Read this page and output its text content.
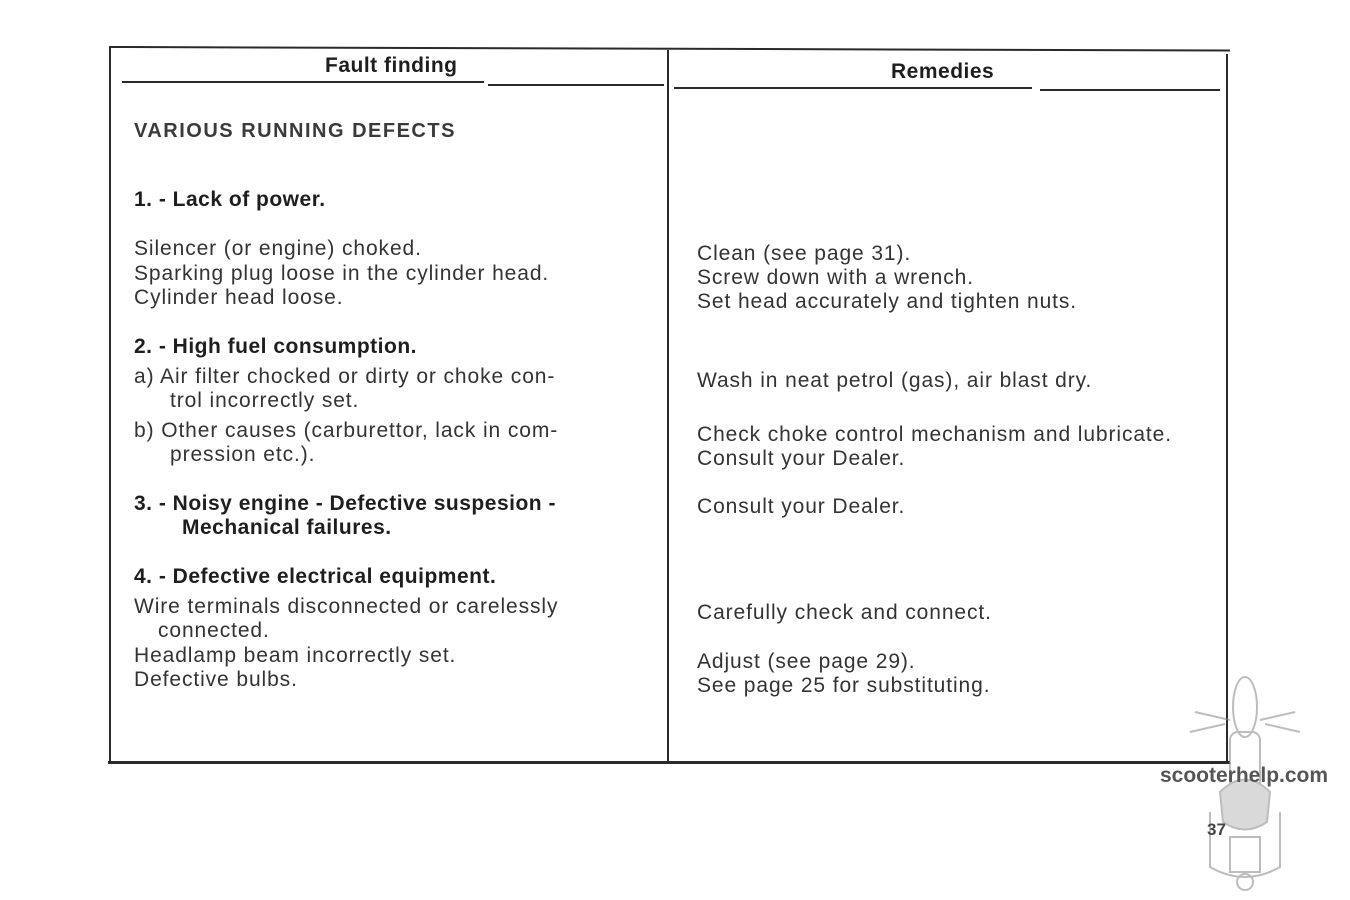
Fault finding	Remedies
VARIOUS RUNNING DEFECTS
1. - Lack of power.
Silencer (or engine) choked.
Sparking plug loose in the cylinder head.
Cylinder head loose.
2. - High fuel consumption.
a) Air filter chocked or dirty or choke con-
trol incorrectly set.
b) Other causes (carburettor, lack in com-
pression etc.).
3. - Noisy engine - Defective suspesion -
Mechanical failures.
4. - Defective electrical equipment.
Wire terminals disconnected or carelessly
connected.
Headlamp beam incorrectly set.
Defective bulbs.
Clean (see page 31).
Screw down with a wrench.
Set head accurately and tighten nuts.
Wash in neat petrol (gas), air blast dry.
Check choke control mechanism and lubricate.
Consult your Dealer.
Consult your Dealer.
Carefully check and connect.
Adjust (see page 29).
See page 25 for substituting.
scooterhelp.com
37
